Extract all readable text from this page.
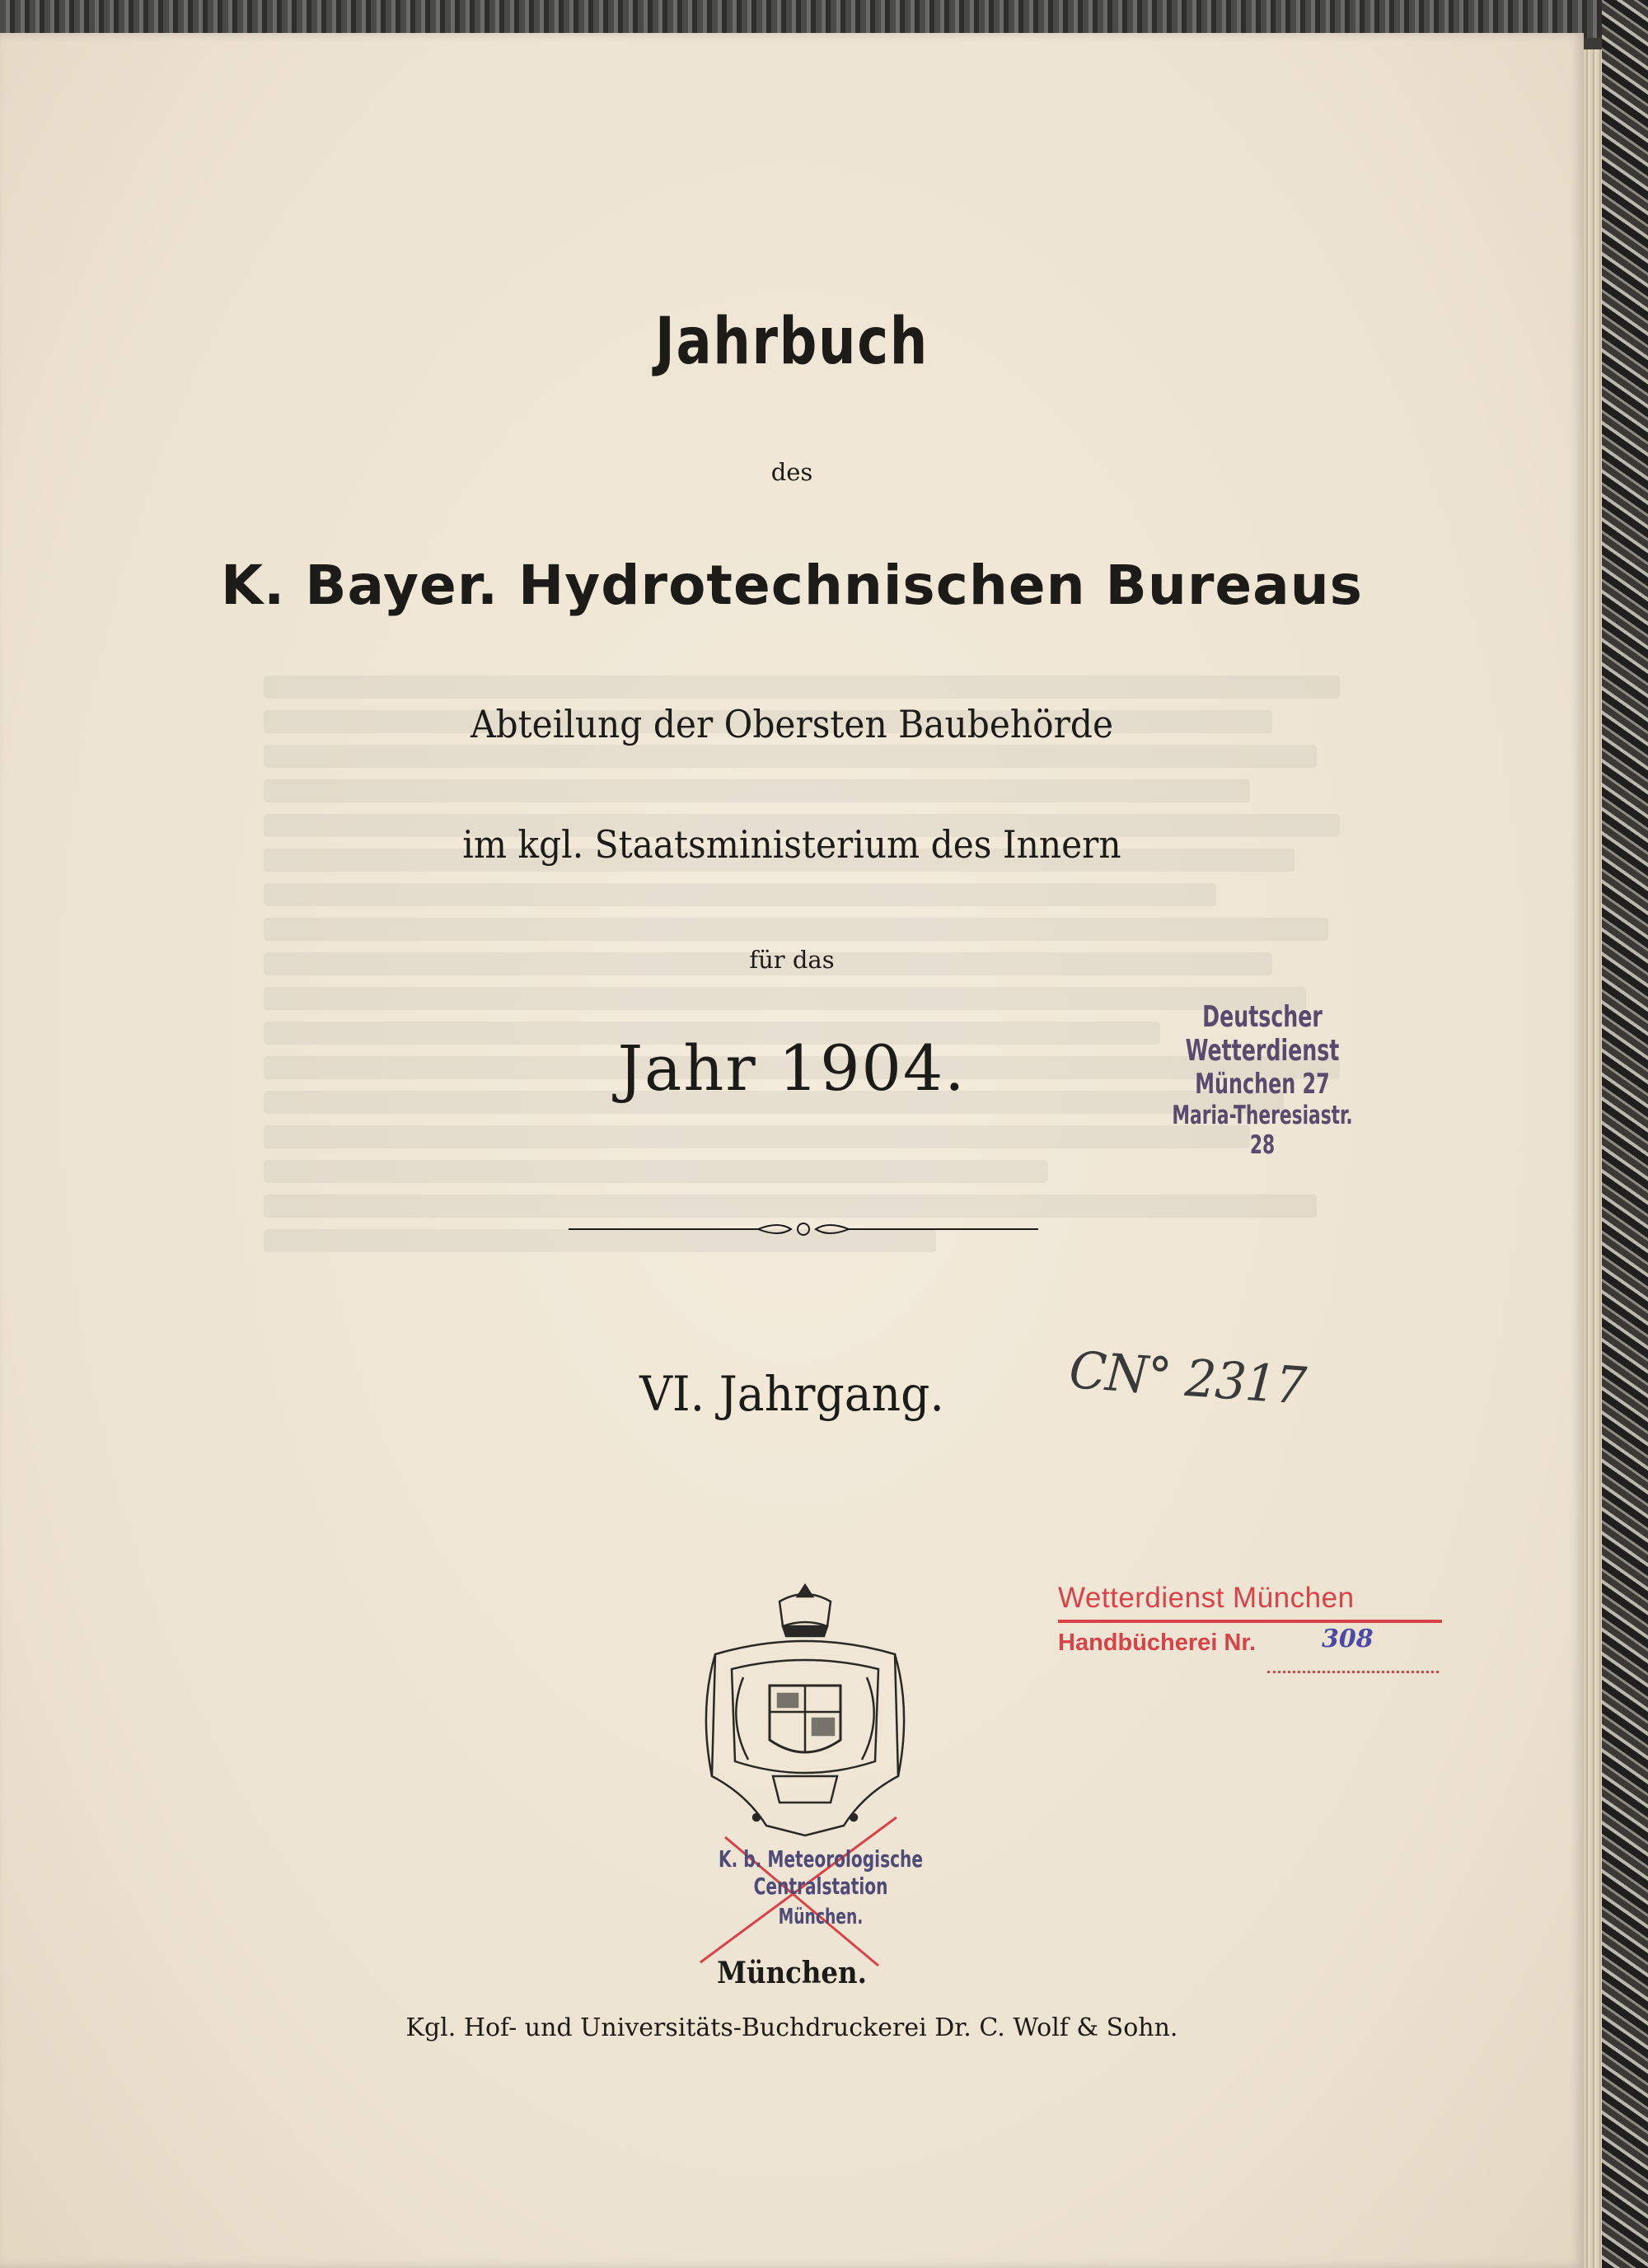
Jahrbuch
des
K. Bayer. Hydrotechnischen Bureaus
Abteilung der Obersten Baubehörde
im kgl. Staatsministerium des Innern
für das
Jahr 1904.
VI. Jahrgang.	CN° 2317
Deutscher Wetterdienst
München 27
Maria-Theresiastr. 28
Wetterdienst München
Handbücherei Nr.	308
K. b. Meteorologische Centralstation
München.
München.
Kgl. Hof- und Universitäts-Buchdruckerei Dr. C. Wolf & Sohn.
